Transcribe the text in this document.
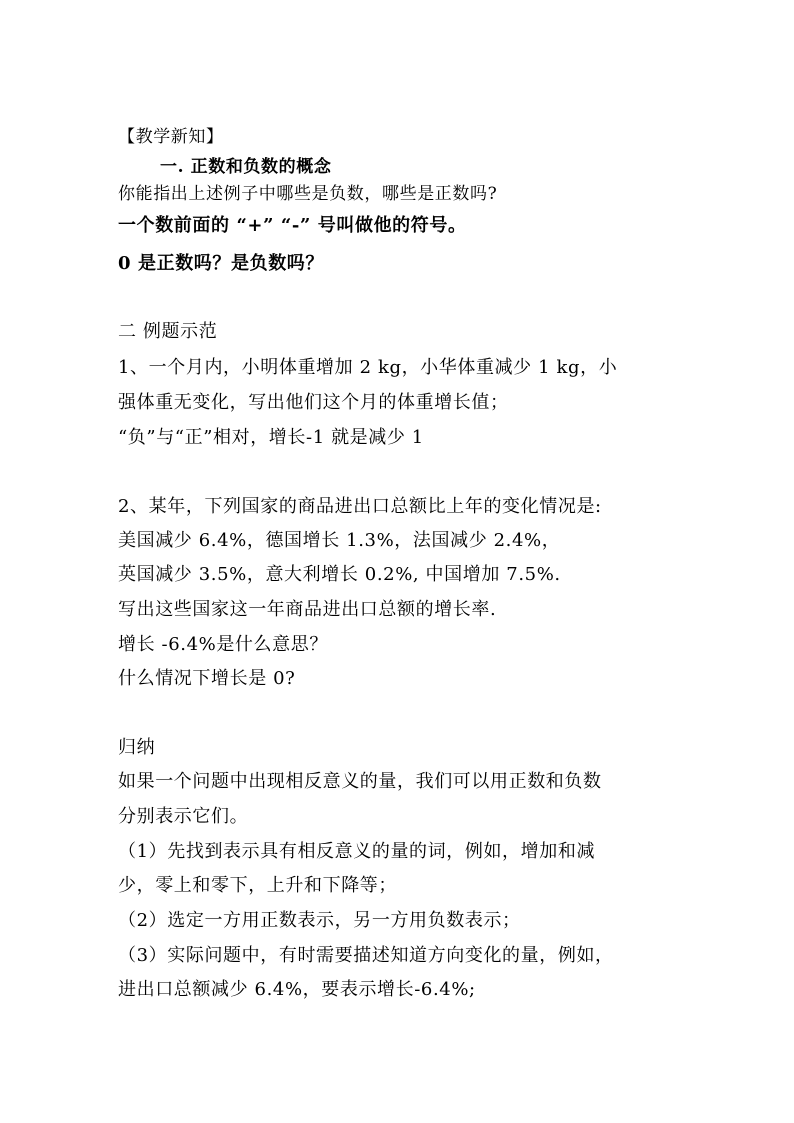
【教学新知】
一. 正数和负数的概念
你能指出上述例子中哪些是负数，哪些是正数吗?
一个数前面的 “+” “-” 号叫做他的符号。
0 是正数吗？是负数吗？
二 例题示范
1、一个月内，小明体重增加 2 kg，小华体重减少 1 kg，小
强体重无变化，写出他们这个月的体重增长值；
“负”与“正”相对，增长-1 就是减少 1
2、某年，下列国家的商品进出口总额比上年的变化情况是:
美国减少 6.4%，德国增长 1.3%，法国减少 2.4%，
英国减少 3.5%，意大利增长 0.2%, 中国增加 7.5%.
写出这些国家这一年商品进出口总额的增长率.
增长 -6.4%是什么意思？
什么情况下增长是 0?
归纳
如果一个问题中出现相反意义的量，我们可以用正数和负数
分别表示它们。
（1）先找到表示具有相反意义的量的词，例如，增加和减
少，零上和零下，上升和下降等；
（2）选定一方用正数表示，另一方用负数表示；
（3）实际问题中，有时需要描述知道方向变化的量，例如，
进出口总额减少 6.4%，要表示增长-6.4%;
